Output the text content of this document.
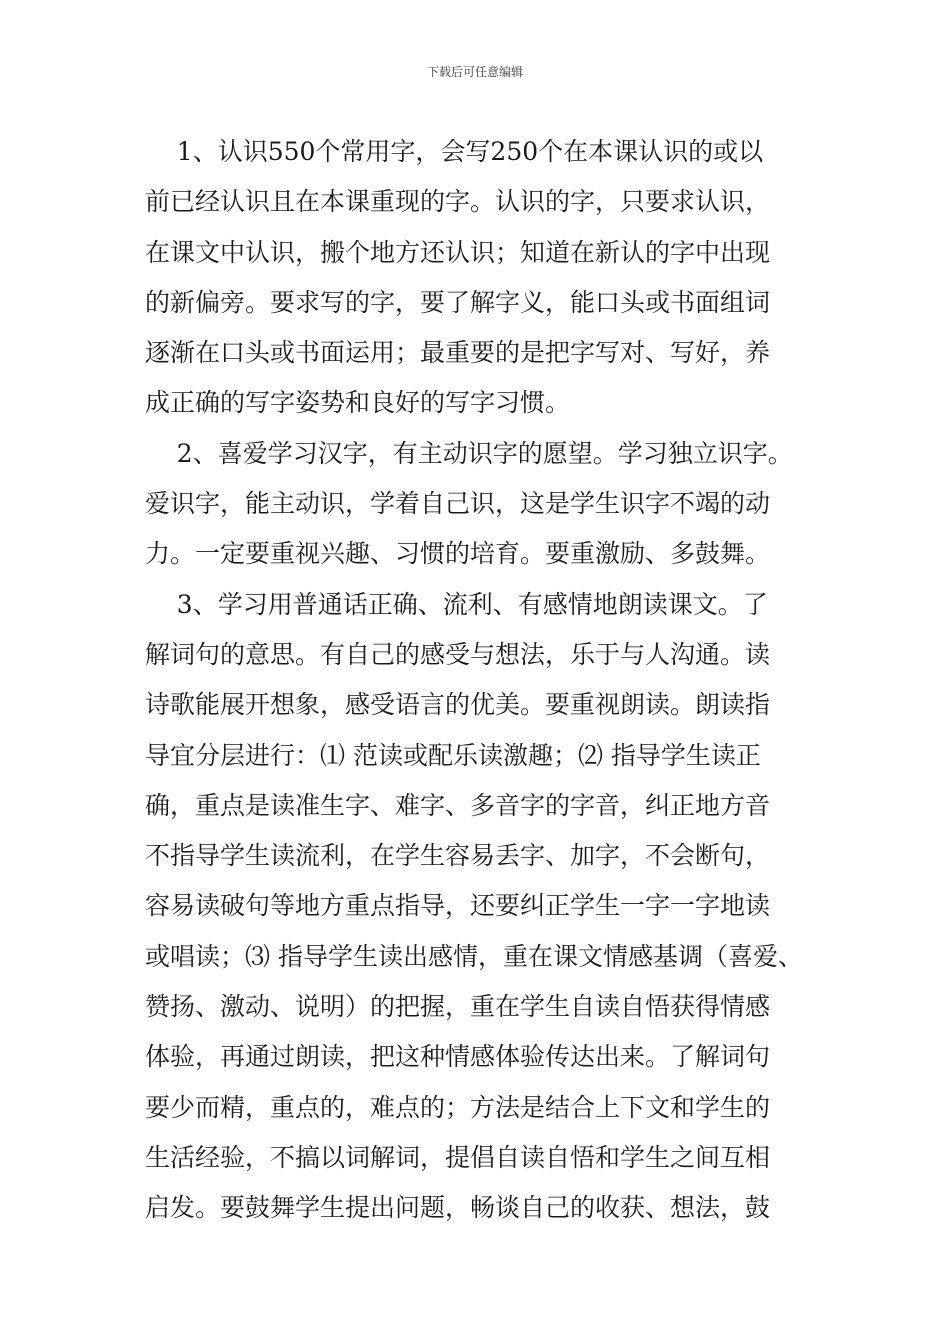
下载后可任意编辑
1、认识550个常用字，会写250个在本课认识的或以
前已经认识且在本课重现的字。认识的字，只要求认识，
在课文中认识，搬个地方还认识；知道在新认的字中出现
的新偏旁。要求写的字，要了解字义，能口头或书面组词
逐渐在口头或书面运用；最重要的是把字写对、写好，养
成正确的写字姿势和良好的写字习惯。
2、喜爱学习汉字，有主动识字的愿望。学习独立识字。
爱识字，能主动识，学着自己识，这是学生识字不竭的动
力。一定要重视兴趣、习惯的培育。要重激励、多鼓舞。
3、学习用普通话正确、流利、有感情地朗读课文。了
解词句的意思。有自己的感受与想法，乐于与人沟通。读
诗歌能展开想象，感受语言的优美。要重视朗读。朗读指
导宜分层进行：⑴ 范读或配乐读激趣；⑵ 指导学生读正
确，重点是读准生字、难字、多音字的字音，纠正地方音
不指导学生读流利，在学生容易丢字、加字，不会断句，
容易读破句等地方重点指导，还要纠正学生一字一字地读
或唱读；⑶ 指导学生读出感情，重在课文情感基调（喜爱、
赞扬、激动、说明）的把握，重在学生自读自悟获得情感
体验，再通过朗读，把这种情感体验传达出来。了解词句
要少而精，重点的，难点的；方法是结合上下文和学生的
生活经验，不搞以词解词，提倡自读自悟和学生之间互相
启发。要鼓舞学生提出问题，畅谈自己的收获、想法，鼓
